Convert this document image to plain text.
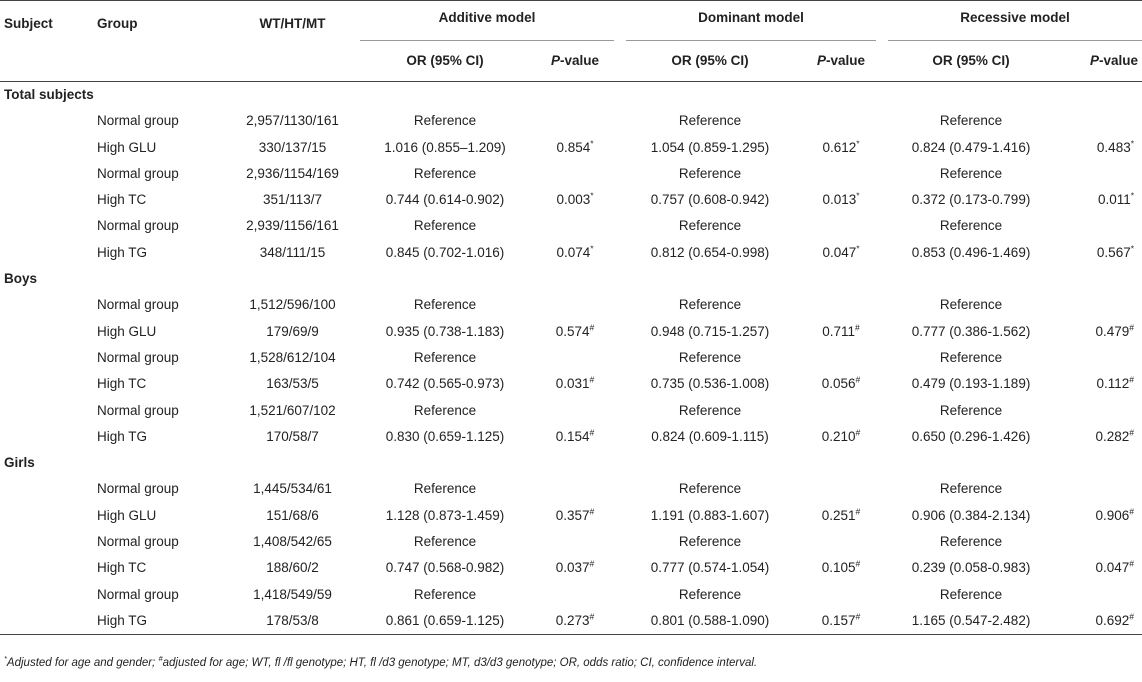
Subject	Group	WT/HT/MT	Additive model		Dominant model		Recessive model	

			OR (95% CI)	P-value	OR (95% CI)	P-value	OR (95% CI)	P-value
Total subjects								
	Normal group	2,957/1130/161	Reference		Reference		Reference	
	High GLU	330/137/15	1.016 (0.855–1.209)	0.854*	1.054 (0.859-1.295)	0.612*	0.824 (0.479-1.416)	0.483*
	Normal group	2,936/1154/169	Reference		Reference		Reference	
	High TC	351/113/7	0.744 (0.614-0.902)	0.003*	0.757 (0.608-0.942)	0.013*	0.372 (0.173-0.799)	0.011*
	Normal group	2,939/1156/161	Reference		Reference		Reference	
	High TG	348/111/15	0.845 (0.702-1.016)	0.074*	0.812 (0.654-0.998)	0.047*	0.853 (0.496-1.469)	0.567*
Boys								
	Normal group	1,512/596/100	Reference		Reference		Reference	
	High GLU	179/69/9	0.935 (0.738-1.183)	0.574#	0.948 (0.715-1.257)	0.711#	0.777 (0.386-1.562)	0.479#
	Normal group	1,528/612/104	Reference		Reference		Reference	
	High TC	163/53/5	0.742 (0.565-0.973)	0.031#	0.735 (0.536-1.008)	0.056#	0.479 (0.193-1.189)	0.112#
	Normal group	1,521/607/102	Reference		Reference		Reference	
	High TG	170/58/7	0.830 (0.659-1.125)	0.154#	0.824 (0.609-1.115)	0.210#	0.650 (0.296-1.426)	0.282#
Girls								
	Normal group	1,445/534/61	Reference		Reference		Reference	
	High GLU	151/68/6	1.128 (0.873-1.459)	0.357#	1.191 (0.883-1.607)	0.251#	0.906 (0.384-2.134)	0.906#
	Normal group	1,408/542/65	Reference		Reference		Reference	
	High TC	188/60/2	0.747 (0.568-0.982)	0.037#	0.777 (0.574-1.054)	0.105#	0.239 (0.058-0.983)	0.047#
	Normal group	1,418/549/59	Reference		Reference		Reference	
	High TG	178/53/8	0.861 (0.659-1.125)	0.273#	0.801 (0.588-1.090)	0.157#	1.165 (0.547-2.482)	0.692#
*Adjusted for age and gender; #adjusted for age; WT, fl /fl genotype; HT, fl /d3 genotype; MT, d3/d3 genotype; OR, odds ratio; CI, confidence interval.
